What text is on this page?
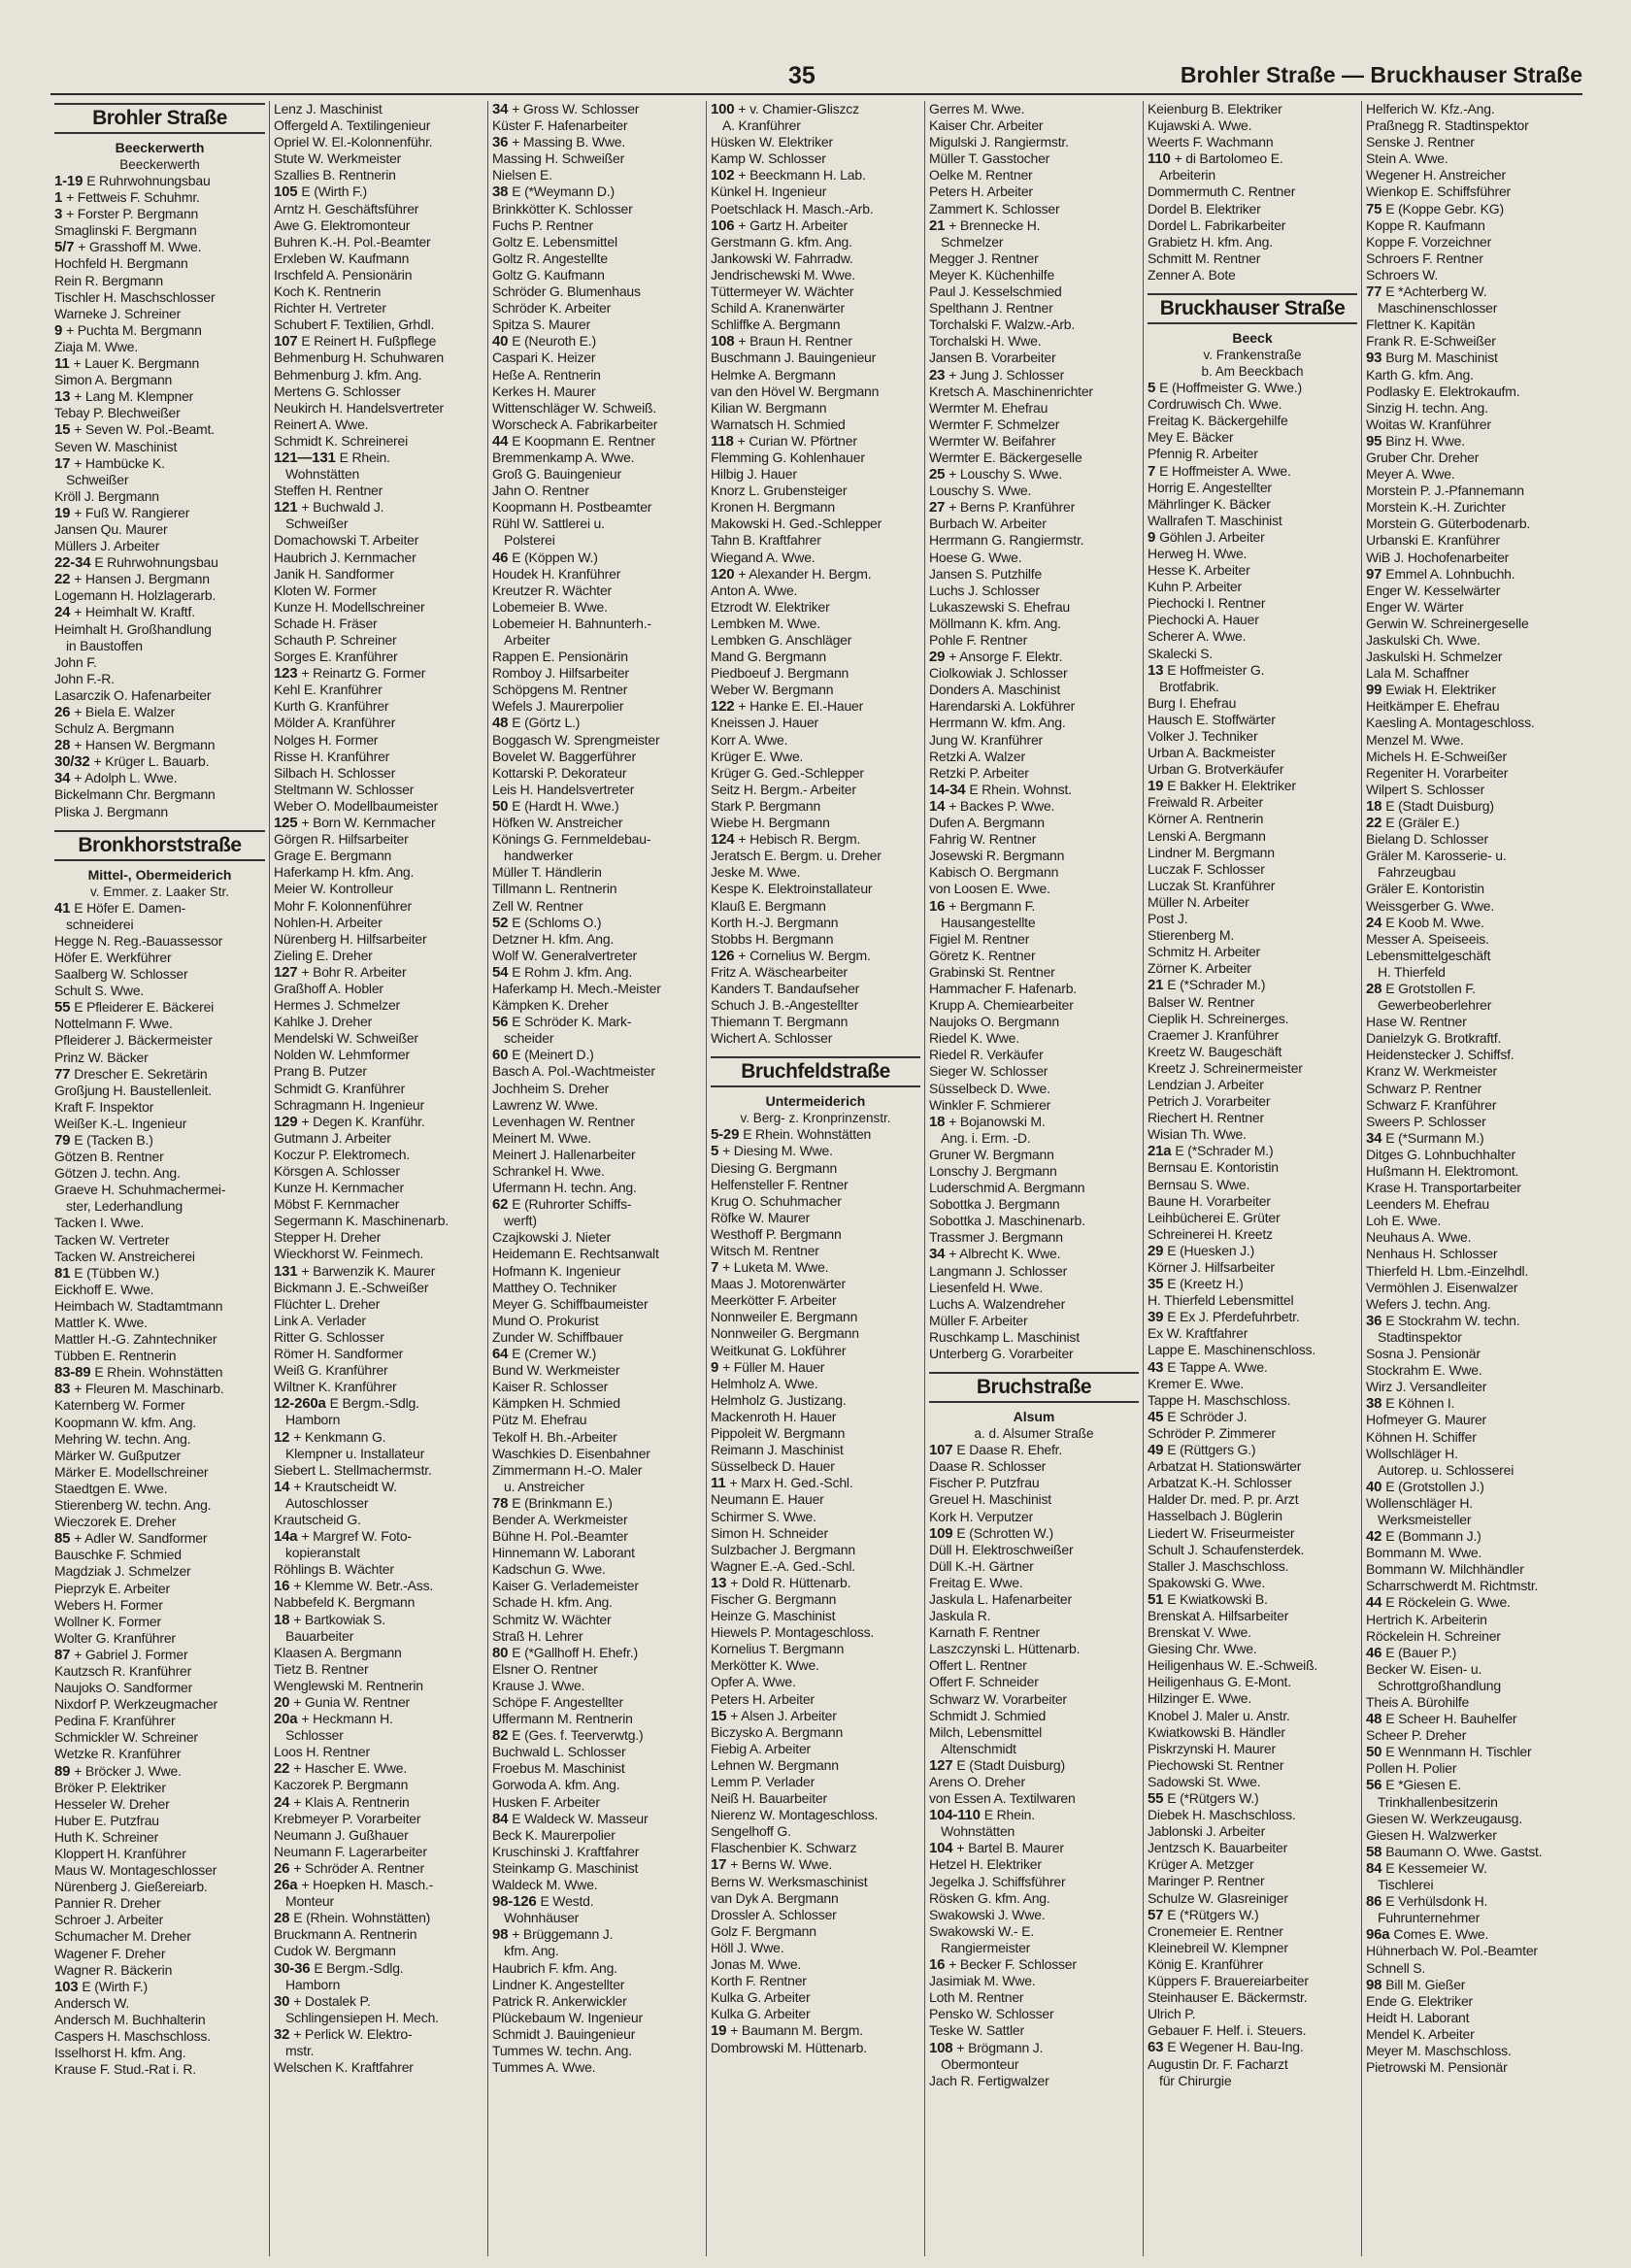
35	Brohler Straße — Bruckhauser Straße
Brohler Straße
Beeckerwerth
Beeckerwerth
1-19 E Ruhrwohnungsbau
1 + Fettweis F. Schuhmr.
3 + Forster P. Bergmann
Smaglinski F. Bergmann
5/7 + Grasshoff M. Wwe.
Hochfeld H. Bergmann
Rein R. Bergmann
Tischler H. Maschschlosser
Warneke J. Schreiner
9 + Puchta M. Bergmann
Ziaja M. Wwe.
11 + Lauer K. Bergmann
Simon A. Bergmann
13 + Lang M. Klempner
Tebay P. Blechweißer
15 + Seven W. Pol.-Beamt.
Seven W. Maschinist
17 + Hambücke K.
Schweißer
Kröll J. Bergmann
19 + Fuß W. Rangierer
Jansen Qu. Maurer
Müllers J. Arbeiter
22-34 E Ruhrwohnungsbau
22 + Hansen J. Bergmann
Logemann H. Holzlagerarb.
24 + Heimhalt W. Kraftf.
Heimhalt H. Großhandlung
in Baustoffen
John F.
John F.-R.
Lasarczik O. Hafenarbeiter
26 + Biela E. Walzer
Schulz A. Bergmann
28 + Hansen W. Bergmann
30/32 + Krüger L. Bauarb.
34 + Adolph L. Wwe.
Bickelmann Chr. Bergmann
Pliska J. Bergmann
Bronkhorststraße
Mittel-, Obermeiderich
v. Emmer. z. Laaker Str.
41 E Höfer E. Damen-
schneiderei
Hegge N. Reg.-Bauassessor
Höfer E. Werkführer
Saalberg W. Schlosser
Schult S. Wwe.
55 E Pfleiderer E. Bäckerei
Nottelmann F. Wwe.
Pfleiderer J. Bäckermeister
Prinz W. Bäcker
77 Drescher E. Sekretärin
Großjung H. Baustellenleit.
Kraft F. Inspektor
Weißer K.-L. Ingenieur
79 E (Tacken B.)
Götzen B. Rentner
Götzen J. techn. Ang.
Graeve H. Schuhmachermei-
ster, Lederhandlung
Tacken I. Wwe.
Tacken W. Vertreter
Tacken W. Anstreicherei
81 E (Tübben W.)
Eickhoff E. Wwe.
Heimbach W. Stadtamtmann
Mattler K. Wwe.
Mattler H.-G. Zahntechniker
Tübben E. Rentnerin
83-89 E Rhein. Wohnstätten
83 + Fleuren M. Maschinarb.
Katernberg W. Former
Koopmann W. kfm. Ang.
Mehring W. techn. Ang.
Märker W. Gußputzer
Märker E. Modellschreiner
Staedtgen E. Wwe.
Stierenberg W. techn. Ang.
Wieczorek E. Dreher
85 + Adler W. Sandformer
Bauschke F. Schmied
Magdziak J. Schmelzer
Pieprzyk E. Arbeiter
Webers H. Former
Wollner K. Former
Wolter G. Kranführer
87 + Gabriel J. Former
Kautzsch R. Kranführer
Naujoks O. Sandformer
Nixdorf P. Werkzeugmacher
Pedina F. Kranführer
Schmickler W. Schreiner
Wetzke R. Kranführer
89 + Bröcker J. Wwe.
Bröker P. Elektriker
Hesseler W. Dreher
Huber E. Putzfrau
Huth K. Schreiner
Kloppert H. Kranführer
Maus W. Montageschlosser
Nürenberg J. Gießereiarb.
Pannier R. Dreher
Schroer J. Arbeiter
Schumacher M. Dreher
Wagener F. Dreher
Wagner R. Bäckerin
103 E (Wirth F.)
Andersch W.
Andersch M. Buchhalterin
Caspers H. Maschschloss.
Isselhorst H. kfm. Ang.
Krause F. Stud.-Rat i. R.
Lenz J. Maschinist
Offergeld A. Textilingenieur
Opriel W. El.-Kolonnenführ.
Stute W. Werkmeister
Szallies B. Rentnerin
105 E (Wirth F.)
Arntz H. Geschäftsführer
Awe G. Elektromonteur
Buhren K.-H. Pol.-Beamter
Erxleben W. Kaufmann
Irschfeld A. Pensionärin
Koch K. Rentnerin
Richter H. Vertreter
Schubert F. Textilien, Grhdl.
107 E Reinert H. Fußpflege
Behmenburg H. Schuhwaren
Behmenburg J. kfm. Ang.
Mertens G. Schlosser
Neukirch H. Handelsvertreter
Reinert A. Wwe.
Schmidt K. Schreinerei
121—131 E Rhein.
Wohnstätten
Steffen H. Rentner
121 + Buchwald J.
Schweißer
Domachowski T. Arbeiter
Haubrich J. Kernmacher
Janik H. Sandformer
Kloten W. Former
Kunze H. Modellschreiner
Schade H. Fräser
Schauth P. Schreiner
Sorges E. Kranführer
123 + Reinartz G. Former
Kehl E. Kranführer
Kurth G. Kranführer
Mölder A. Kranführer
Nolges H. Former
Risse H. Kranführer
Silbach H. Schlosser
Steltmann W. Schlosser
Weber O. Modellbaumeister
125 + Born W. Kernmacher
Görgen R. Hilfsarbeiter
Grage E. Bergmann
Haferkamp H. kfm. Ang.
Meier W. Kontrolleur
Mohr F. Kolonnenführer
Nohlen-H. Arbeiter
Nürenberg H. Hilfsarbeiter
Zieling E. Dreher
127 + Bohr R. Arbeiter
Graßhoff A. Hobler
Hermes J. Schmelzer
Kahlke J. Dreher
Mendelski W. Schweißer
Nolden W. Lehmformer
Prang B. Putzer
Schmidt G. Kranführer
Schragmann H. Ingenieur
129 + Degen K. Kranführ.
Gutmann J. Arbeiter
Koczur P. Elektromech.
Körsgen A. Schlosser
Kunze H. Kernmacher
Möbst F. Kernmacher
Segermann K. Maschinenarb.
Stepper H. Dreher
Wieckhorst W. Feinmech.
131 + Barwenzik K. Maurer
Bickmann J. E.-Schweißer
Flüchter L. Dreher
Link A. Verlader
Ritter G. Schlosser
Römer H. Sandformer
Weiß G. Kranführer
Wiltner K. Kranführer
12-260a E Bergm.-Sdlg.
Hamborn
12 + Kenkmann G.
Klempner u. Installateur
Siebert L. Stellmachermstr.
14 + Krautscheidt W.
Autoschlosser
Krautscheid G.
14a + Margref W. Foto-
kopieranstalt
Röhlings B. Wächter
16 + Klemme W. Betr.-Ass.
Nabbefeld K. Bergmann
18 + Bartkowiak S.
Bauarbeiter
Klaasen A. Bergmann
Tietz B. Rentner
Wenglewski M. Rentnerin
20 + Gunia W. Rentner
20a + Heckmann H.
Schlosser
Loos H. Rentner
22 + Hascher E. Wwe.
Kaczorek P. Bergmann
24 + Klais A. Rentnerin
Krebmeyer P. Vorarbeiter
Neumann J. Gußhauer
Neumann F. Lagerarbeiter
26 + Schröder A. Rentner
26a + Hoepken H. Masch.-
Monteur
28 E (Rhein. Wohnstätten)
Bruckmann A. Rentnerin
Cudok W. Bergmann
30-36 E Bergm.-Sdlg.
Hamborn
30 + Dostalek P.
Schlingensiepen H. Mech.
32 + Perlick W. Elektro-
mstr.
Welschen K. Kraftfahrer
34 + Gross W. Schlosser
Küster F. Hafenarbeiter
36 + Massing B. Wwe.
Massing H. Schweißer
Nielsen E.
38 E (*Weymann D.)
Brinkkötter K. Schlosser
Fuchs P. Rentner
Goltz E. Lebensmittel
Goltz R. Angestellte
Goltz G. Kaufmann
Schröder G. Blumenhaus
Schröder K. Arbeiter
Spitza S. Maurer
40 E (Neuroth E.)
Caspari K. Heizer
Heße A. Rentnerin
Kerkes H. Maurer
Wittenschläger W. Schweiß.
Worscheck A. Fabrikarbeiter
44 E Koopmann E. Rentner
Bremmenkamp A. Wwe.
Groß G. Bauingenieur
Jahn O. Rentner
Koopmann H. Postbeamter
Rühl W. Sattlerei u.
Polsterei
46 E (Köppen W.)
Houdek H. Kranführer
Kreutzer R. Wächter
Lobemeier B. Wwe.
Lobemeier H. Bahnunterh.-
Arbeiter
Rappen E. Pensionärin
Romboy J. Hilfsarbeiter
Schöpgens M. Rentner
Wefels J. Maurerpolier
48 E (Görtz L.)
Boggasch W. Sprengmeister
Bovelet W. Baggerführer
Kottarski P. Dekorateur
Leis H. Handelsvertreter
50 E (Hardt H. Wwe.)
Höfken W. Anstreicher
Könings G. Fernmeldebau-
handwerker
Müller T. Händlerin
Tillmann L. Rentnerin
Zell W. Rentner
52 E (Schloms O.)
Detzner H. kfm. Ang.
Wolf W. Generalvertreter
54 E Rohm J. kfm. Ang.
Haferkamp H. Mech.-Meister
Kämpken K. Dreher
56 E Schröder K. Mark-
scheider
60 E (Meinert D.)
Basch A. Pol.-Wachtmeister
Jochheim S. Dreher
Lawrenz W. Wwe.
Levenhagen W. Rentner
Meinert M. Wwe.
Meinert J. Hallenarbeiter
Schrankel H. Wwe.
Ufermann H. techn. Ang.
62 E (Ruhrorter Schiffs-
werft)
Czajkowski J. Nieter
Heidemann E. Rechtsanwalt
Hofmann K. Ingenieur
Matthey O. Techniker
Meyer G. Schiffbaumeister
Mund O. Prokurist
Zunder W. Schiffbauer
64 E (Cremer W.)
Bund W. Werkmeister
Kaiser R. Schlosser
Kämpken H. Schmied
Pütz M. Ehefrau
Tekolf H. Bh.-Arbeiter
Waschkies D. Eisenbahner
Zimmermann H.-O. Maler
u. Anstreicher
78 E (Brinkmann E.)
Bender A. Werkmeister
Bühne H. Pol.-Beamter
Hinnemann W. Laborant
Kadschun G. Wwe.
Kaiser G. Verlademeister
Schade H. kfm. Ang.
Schmitz W. Wächter
Straß H. Lehrer
80 E (*Gallhoff H. Ehefr.)
Elsner O. Rentner
Krause J. Wwe.
Schöpe F. Angestellter
Uffermann M. Rentnerin
82 E (Ges. f. Teerverwtg.)
Buchwald L. Schlosser
Froebus M. Maschinist
Gorwoda A. kfm. Ang.
Husken F. Arbeiter
84 E Waldeck W. Masseur
Beck K. Maurerpolier
Kruschinski J. Kraftfahrer
Steinkamp G. Maschinist
Waldeck M. Wwe.
98-126 E Westd.
Wohnhäuser
98 + Brüggemann J.
kfm. Ang.
Haubrich F. kfm. Ang.
Lindner K. Angestellter
Patrick R. Ankerwickler
Plückebaum W. Ingenieur
Schmidt J. Bauingenieur
Tummes W. techn. Ang.
Tummes A. Wwe.
100 + v. Chamier-Gliszcz
A. Kranführer
Hüsken W. Elektriker
Kamp W. Schlosser
102 + Beeckmann H. Lab.
Künkel H. Ingenieur
Poetschlack H. Masch.-Arb.
106 + Gartz H. Arbeiter
Gerstmann G. kfm. Ang.
Jankowski W. Fahrradw.
Jendrischewski M. Wwe.
Tüttermeyer W. Wächter
Schild A. Kranenwärter
Schliffke A. Bergmann
108 + Braun H. Rentner
Buschmann J. Bauingenieur
Helmke A. Bergmann
van den Hövel W. Bergmann
Kilian W. Bergmann
Warnatsch H. Schmied
118 + Curian W. Pförtner
Flemming G. Kohlenhauer
Hilbig J. Hauer
Knorz L. Grubensteiger
Kronen H. Bergmann
Makowski H. Ged.-Schlepper
Tahn B. Kraftfahrer
Wiegand A. Wwe.
120 + Alexander H. Bergm.
Anton A. Wwe.
Etzrodt W. Elektriker
Lembken M. Wwe.
Lembken G. Anschläger
Mand G. Bergmann
Piedboeuf J. Bergmann
Weber W. Bergmann
122 + Hanke E. El.-Hauer
Kneissen J. Hauer
Korr A. Wwe.
Krüger E. Wwe.
Krüger G. Ged.-Schlepper
Seitz H. Bergm.- Arbeiter
Stark P. Bergmann
Wiebe H. Bergmann
124 + Hebisch R. Bergm.
Jeratsch E. Bergm. u. Dreher
Jeske M. Wwe.
Kespe K. Elektroinstallateur
Klauß E. Bergmann
Korth H.-J. Bergmann
Stobbs H. Bergmann
126 + Cornelius W. Bergm.
Fritz A. Wäschearbeiter
Kanders T. Bandaufseher
Schuch J. B.-Angestellter
Thiemann T. Bergmann
Wichert A. Schlosser
Bruchfeldstraße
Untermeiderich
v. Berg- z. Kronprinzenstr.
5-29 E Rhein. Wohnstätten
5 + Diesing M. Wwe.
Diesing G. Bergmann
Helfensteller F. Rentner
Krug O. Schuhmacher
Röfke W. Maurer
Westhoff P. Bergmann
Witsch M. Rentner
7 + Luketa M. Wwe.
Maas J. Motorenwärter
Meerkötter F. Arbeiter
Nonnweiler E. Bergmann
Nonnweiler G. Bergmann
Weitkunat G. Lokführer
9 + Füller M. Hauer
Helmholz A. Wwe.
Helmholz G. Justizang.
Mackenroth H. Hauer
Pippoleit W. Bergmann
Reimann J. Maschinist
Süsselbeck D. Hauer
11 + Marx H. Ged.-Schl.
Neumann E. Hauer
Schirmer S. Wwe.
Simon H. Schneider
Sulzbacher J. Bergmann
Wagner E.-A. Ged.-Schl.
13 + Dold R. Hüttenarb.
Fischer G. Bergmann
Heinze G. Maschinist
Hiewels P. Montageschloss.
Kornelius T. Bergmann
Merkötter K. Wwe.
Opfer A. Wwe.
Peters H. Arbeiter
15 + Alsen J. Arbeiter
Biczysko A. Bergmann
Fiebig A. Arbeiter
Lehnen W. Bergmann
Lemm P. Verlader
Neiß H. Bauarbeiter
Nierenz W. Montageschloss.
Sengelhoff G.
Flaschenbier K. Schwarz
17 + Berns W. Wwe.
Berns W. Werksmaschinist
van Dyk A. Bergmann
Drossler A. Schlosser
Golz F. Bergmann
Höll J. Wwe.
Jonas M. Wwe.
Korth F. Rentner
Kulka G. Arbeiter
Kulka G. Arbeiter
19 + Baumann M. Bergm.
Dombrowski M. Hüttenarb.
Gerres M. Wwe.
Kaiser Chr. Arbeiter
Migulski J. Rangiermstr.
Müller T. Gasstocher
Oelke M. Rentner
Peters H. Arbeiter
Zammert K. Schlosser
21 + Brennecke H.
Schmelzer
Megger J. Rentner
Meyer K. Küchenhilfe
Paul J. Kesselschmied
Spelthann J. Rentner
Torchalski F. Walzw.-Arb.
Torchalski H. Wwe.
Jansen B. Vorarbeiter
23 + Jung J. Schlosser
Kretsch A. Maschinenrichter
Wermter M. Ehefrau
Wermter F. Schmelzer
Wermter W. Beifahrer
Wermter E. Bäckergeselle
25 + Louschy S. Wwe.
Louschy S. Wwe.
27 + Berns P. Kranführer
Burbach W. Arbeiter
Herrmann G. Rangiermstr.
Hoese G. Wwe.
Jansen S. Putzhilfe
Luchs J. Schlosser
Lukaszewski S. Ehefrau
Möllmann K. kfm. Ang.
Pohle F. Rentner
29 + Ansorge F. Elektr.
Ciolkowiak J. Schlosser
Donders A. Maschinist
Harendarski A. Lokführer
Herrmann W. kfm. Ang.
Jung W. Kranführer
Retzki A. Walzer
Retzki P. Arbeiter
14-34 E Rhein. Wohnst.
14 + Backes P. Wwe.
Dufen A. Bergmann
Fahrig W. Rentner
Josewski R. Bergmann
Kabisch O. Bergmann
von Loosen E. Wwe.
16 + Bergmann F.
Hausangestellte
Figiel M. Rentner
Göretz K. Rentner
Grabinski St. Rentner
Hammacher F. Hafenarb.
Krupp A. Chemiearbeiter
Naujoks O. Bergmann
Riedel K. Wwe.
Riedel R. Verkäufer
Sieger W. Schlosser
Süsselbeck D. Wwe.
Winkler F. Schmierer
18 + Bojanowski M.
Ang. i. Erm. -D.
Gruner W. Bergmann
Lonschy J. Bergmann
Luderschmid A. Bergmann
Sobottka J. Bergmann
Sobottka J. Maschinenarb.
Trassmer J. Bergmann
34 + Albrecht K. Wwe.
Langmann J. Schlosser
Liesenfeld H. Wwe.
Luchs A. Walzendreher
Müller F. Arbeiter
Ruschkamp L. Maschinist
Unterberg G. Vorarbeiter
Bruchstraße
Alsum
a. d. Alsumer Straße
107 E Daase R. Ehefr.
Daase R. Schlosser
Fischer P. Putzfrau
Greuel H. Maschinist
Kork H. Verputzer
109 E (Schrotten W.)
Düll H. Elektroschweißer
Düll K.-H. Gärtner
Freitag E. Wwe.
Jaskula L. Hafenarbeiter
Jaskula R.
Karnath F. Rentner
Laszczynski L. Hüttenarb.
Offert L. Rentner
Offert F. Schneider
Schwarz W. Vorarbeiter
Schmidt J. Schmied
Milch, Lebensmittel
Altenschmidt
127 E (Stadt Duisburg)
Arens O. Dreher
von Essen A. Textilwaren
104-110 E Rhein.
Wohnstätten
104 + Bartel B. Maurer
Hetzel H. Elektriker
Jegelka J. Schiffsführer
Rösken G. kfm. Ang.
Swakowski J. Wwe.
Swakowski W.- E.
Rangiermeister
16 + Becker F. Schlosser
Jasimiak M. Wwe.
Loth M. Rentner
Pensko W. Schlosser
Teske W. Sattler
108 + Brögmann J.
Obermonteur
Jach R. Fertigwalzer
Keienburg B. Elektriker
Kujawski A. Wwe.
Weerts F. Wachmann
110 + di Bartolomeo E.
Arbeiterin
Dommermuth C. Rentner
Dordel B. Elektriker
Dordel L. Fabrikarbeiter
Grabietz H. kfm. Ang.
Schmitt M. Rentner
Zenner A. Bote
Bruckhauser Straße
Beeck
v. Frankenstraße
b. Am Beeckbach
5 E (Hoffmeister G. Wwe.)
Cordruwisch Ch. Wwe.
Freitag K. Bäckergehilfe
Mey E. Bäcker
Pfennig R. Arbeiter
7 E Hoffmeister A. Wwe.
Horrig E. Angestellter
Mährlinger K. Bäcker
Wallrafen T. Maschinist
9 Göhlen J. Arbeiter
Herweg H. Wwe.
Hesse K. Arbeiter
Kuhn P. Arbeiter
Piechocki I. Rentner
Piechocki A. Hauer
Scherer A. Wwe.
Skalecki S.
13 E Hoffmeister G.
Brotfabrik.
Burg I. Ehefrau
Hausch E. Stoffwärter
Volker J. Techniker
Urban A. Backmeister
Urban G. Brotverkäufer
19 E Bakker H. Elektriker
Freiwald R. Arbeiter
Körner A. Rentnerin
Lenski A. Bergmann
Lindner M. Bergmann
Luczak F. Schlosser
Luczak St. Kranführer
Müller N. Arbeiter
Post J.
Stierenberg M.
Schmitz H. Arbeiter
Zörner K. Arbeiter
21 E (*Schrader M.)
Balser W. Rentner
Cieplik H. Schreinerges.
Craemer J. Kranführer
Kreetz W. Baugeschäft
Kreetz J. Schreinermeister
Lendzian J. Arbeiter
Petrich J. Vorarbeiter
Riechert H. Rentner
Wisian Th. Wwe.
21a E (*Schrader M.)
Bernsau E. Kontoristin
Bernsau S. Wwe.
Baune H. Vorarbeiter
Leihbücherei E. Grüter
Schreinerei H. Kreetz
29 E (Huesken J.)
Körner J. Hilfsarbeiter
35 E (Kreetz H.)
H. Thierfeld Lebensmittel
39 E Ex J. Pferdefuhrbetr.
Ex W. Kraftfahrer
Lappe E. Maschinenschloss.
43 E Tappe A. Wwe.
Kremer E. Wwe.
Tappe H. Maschschloss.
45 E Schröder J.
Schröder P. Zimmerer
49 E (Rüttgers G.)
Arbatzat H. Stationswärter
Arbatzat K.-H. Schlosser
Halder Dr. med. P. pr. Arzt
Hasselbach J. Büglerin
Liedert W. Friseurmeister
Schult J. Schaufensterdek.
Staller J. Maschschloss.
Spakowski G. Wwe.
51 E Kwiatkowski B.
Brenskat A. Hilfsarbeiter
Brenskat V. Wwe.
Giesing Chr. Wwe.
Heiligenhaus W. E.-Schweiß.
Heiligenhaus G. E-Mont.
Hilzinger E. Wwe.
Knobel J. Maler u. Anstr.
Kwiatkowski B. Händler
Piskrzynski H. Maurer
Piechowski St. Rentner
Sadowski St. Wwe.
55 E (*Rütgers W.)
Diebek H. Maschschloss.
Jablonski J. Arbeiter
Jentzsch K. Bauarbeiter
Krüger A. Metzger
Maringer P. Rentner
Schulze W. Glasreiniger
57 E (*Rütgers W.)
Cronemeier E. Rentner
Kleinebreil W. Klempner
König E. Kranführer
Küppers F. Brauereiarbeiter
Steinhauser E. Bäckermstr.
Ulrich P.
Gebauer F. Helf. i. Steuers.
63 E Wegener H. Bau-Ing.
Augustin Dr. F. Facharzt
für Chirurgie
Helferich W. Kfz.-Ang.
Praßnegg R. Stadtinspektor
Senske J. Rentner
Stein A. Wwe.
Wegener H. Anstreicher
Wienkop E. Schiffsführer
75 E (Koppe Gebr. KG)
Koppe R. Kaufmann
Koppe F. Vorzeichner
Schroers F. Rentner
Schroers W.
77 E *Achterberg W.
Maschinenschlosser
Flettner K. Kapitän
Frank R. E-Schweißer
93 Burg M. Maschinist
Karth G. kfm. Ang.
Podlasky E. Elektrokaufm.
Sinzig H. techn. Ang.
Woitas W. Kranführer
95 Binz H. Wwe.
Gruber Chr. Dreher
Meyer A. Wwe.
Morstein P. J.-Pfannemann
Morstein K.-H. Zurichter
Morstein G. Güterbodenarb.
Urbanski E. Kranführer
WiB J. Hochofenarbeiter
97 Emmel A. Lohnbuchh.
Enger W. Kesselwärter
Enger W. Wärter
Gerwin W. Schreinergeselle
Jaskulski Ch. Wwe.
Jaskulski H. Schmelzer
Lala M. Schaffner
99 Ewiak H. Elektriker
Heitkämper E. Ehefrau
Kaesling A. Montageschloss.
Menzel M. Wwe.
Michels H. E-Schweißer
Regeniter H. Vorarbeiter
Wilpert S. Schlosser
18 E (Stadt Duisburg)
22 E (Gräler E.)
Bielang D. Schlosser
Gräler M. Karosserie- u.
Fahrzeugbau
Gräler E. Kontoristin
Weissgerber G. Wwe.
24 E Koob M. Wwe.
Messer A. Speiseeis.
Lebensmittelgeschäft
H. Thierfeld
28 E Grotstollen F.
Gewerbeoberlehrer
Hase W. Rentner
Danielzyk G. Brotkraftf.
Heidenstecker J. Schiffsf.
Kranz W. Werkmeister
Schwarz P. Rentner
Schwarz F. Kranführer
Sweers P. Schlosser
34 E (*Surmann M.)
Ditges G. Lohnbuchhalter
Hußmann H. Elektromont.
Krase H. Transportarbeiter
Leenders M. Ehefrau
Loh E. Wwe.
Neuhaus A. Wwe.
Nenhaus H. Schlosser
Thierfeld H. Lbm.-Einzelhdl.
Vermöhlen J. Eisenwalzer
Wefers J. techn. Ang.
36 E Stockrahm W. techn.
Stadtinspektor
Sosna J. Pensionär
Stockrahm E. Wwe.
Wirz J. Versandleiter
38 E Köhnen I.
Hofmeyer G. Maurer
Köhnen H. Schiffer
Wollschläger H.
Autorep. u. Schlosserei
40 E (Grotstollen J.)
Wollenschläger H.
Werksmeisteller
42 E (Bommann J.)
Bommann M. Wwe.
Bommann W. Milchhändler
Scharrschwerdt M. Richtmstr.
44 E Röckelein G. Wwe.
Hertrich K. Arbeiterin
Röckelein H. Schreiner
46 E (Bauer P.)
Becker W. Eisen- u.
Schrottgroßhandlung
Theis A. Bürohilfe
48 E Scheer H. Bauhelfer
Scheer P. Dreher
50 E Wennmann H. Tischler
Pollen H. Polier
56 E *Giesen E.
Trinkhallenbesitzerin
Giesen W. Werkzeugausg.
Giesen H. Walzwerker
58 Baumann O. Wwe. Gastst.
84 E Kessemeier W.
Tischlerei
86 E Verhülsdonk H.
Fuhrunternehmer
96a Comes E. Wwe.
Hühnerbach W. Pol.-Beamter
Schnell S.
98 Bill M. Gießer
Ende G. Elektriker
Heidt H. Laborant
Mendel K. Arbeiter
Meyer M. Maschschloss.
Pietrowski M. Pensionär
